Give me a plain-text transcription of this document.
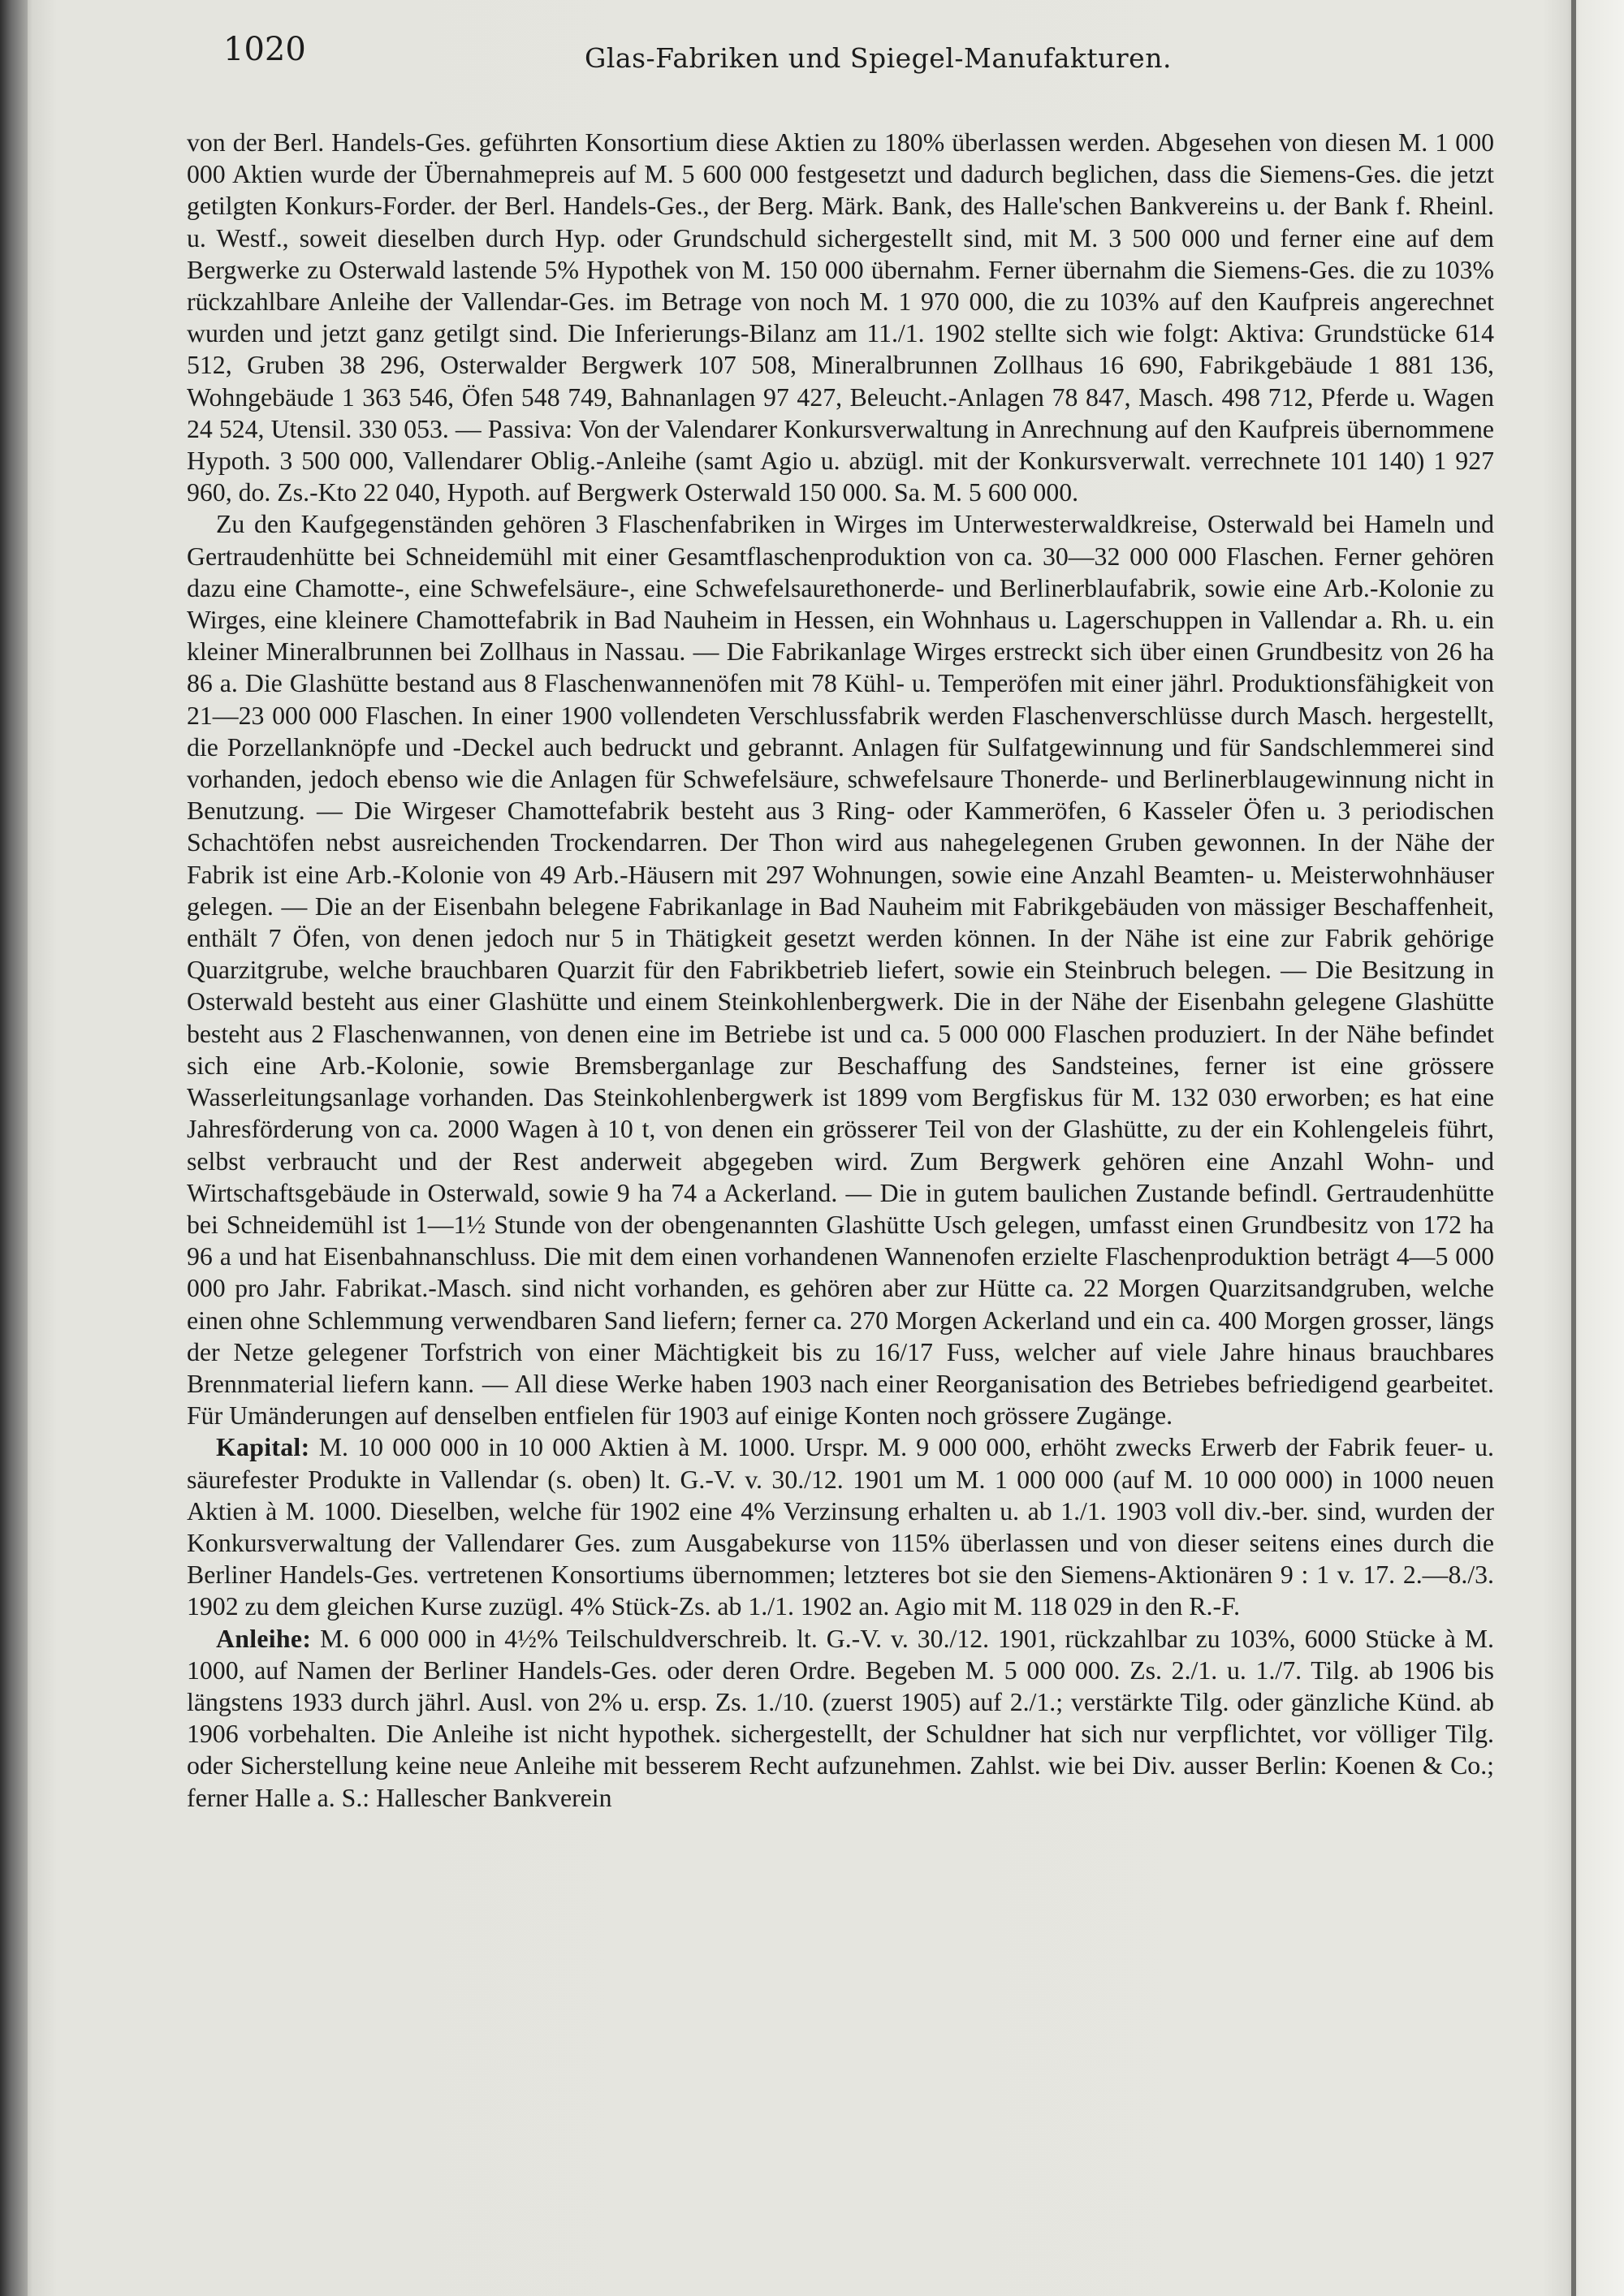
1020	Glas-Fabriken und Spiegel-Manufakturen.

von der Berl. Handels-Ges. geführten Konsortium diese Aktien zu 180% überlassen werden. Abgesehen von diesen M. 1 000 000 Aktien wurde der Übernahmepreis auf M. 5 600 000 festgesetzt und dadurch beglichen, dass die Siemens-Ges. die jetzt getilgten Konkurs-Forder. der Berl. Handels-Ges., der Berg. Märk. Bank, des Halle'schen Bankvereins u. der Bank f. Rheinl. u. Westf., soweit dieselben durch Hyp. oder Grundschuld sichergestellt sind, mit M. 3 500 000 und ferner eine auf dem Bergwerke zu Osterwald lastende 5% Hypothek von M. 150 000 übernahm. Ferner übernahm die Siemens-Ges. die zu 103% rückzahlbare Anleihe der Vallendar-Ges. im Betrage von noch M. 1 970 000, die zu 103% auf den Kaufpreis angerechnet wurden und jetzt ganz getilgt sind. Die Inferierungs-Bilanz am 11./1. 1902 stellte sich wie folgt: Aktiva: Grundstücke 614 512, Gruben 38 296, Osterwalder Bergwerk 107 508, Mineralbrunnen Zollhaus 16 690, Fabrikgebäude 1 881 136, Wohngebäude 1 363 546, Öfen 548 749, Bahnanlagen 97 427, Beleucht.-Anlagen 78 847, Masch. 498 712, Pferde u. Wagen 24 524, Utensil. 330 053. — Passiva: Von der Valendarer Konkursverwaltung in Anrechnung auf den Kaufpreis übernommene Hypoth. 3 500 000, Vallendarer Oblig.-Anleihe (samt Agio u. abzügl. mit der Konkursverwalt. verrechnete 101 140) 1 927 960, do. Zs.-Kto 22 040, Hypoth. auf Bergwerk Osterwald 150 000. Sa. M. 5 600 000.

Zu den Kaufgegenständen gehören 3 Flaschenfabriken in Wirges im Unterwesterwaldkreise, Osterwald bei Hameln und Gertraudenhütte bei Schneidemühl mit einer Gesamtflaschenproduktion von ca. 30—32 000 000 Flaschen. Ferner gehören dazu eine Chamotte-, eine Schwefelsäure-, eine Schwefelsaurethonerde- und Berlinerblaufabrik, sowie eine Arb.-Kolonie zu Wirges, eine kleinere Chamottefabrik in Bad Nauheim in Hessen, ein Wohnhaus u. Lagerschuppen in Vallendar a. Rh. u. ein kleiner Mineralbrunnen bei Zollhaus in Nassau. — Die Fabrikanlage Wirges erstreckt sich über einen Grundbesitz von 26 ha 86 a. Die Glashütte bestand aus 8 Flaschenwannenöfen mit 78 Kühl- u. Temperöfen mit einer jährl. Produktionsfähigkeit von 21—23 000 000 Flaschen. In einer 1900 vollendeten Verschlussfabrik werden Flaschenverschlüsse durch Masch. hergestellt, die Porzellanknöpfe und -Deckel auch bedruckt und gebrannt. Anlagen für Sulfatgewinnung und für Sandschlemmerei sind vorhanden, jedoch ebenso wie die Anlagen für Schwefelsäure, schwefelsaure Thonerde- und Berlinerblaugewinnung nicht in Benutzung. — Die Wirgeser Chamottefabrik besteht aus 3 Ring- oder Kammeröfen, 6 Kasseler Öfen u. 3 periodischen Schachtöfen nebst ausreichenden Trockendarren. Der Thon wird aus nahegelegenen Gruben gewonnen. In der Nähe der Fabrik ist eine Arb.-Kolonie von 49 Arb.-Häusern mit 297 Wohnungen, sowie eine Anzahl Beamten- u. Meisterwohnhäuser gelegen. — Die an der Eisenbahn belegene Fabrikanlage in Bad Nauheim mit Fabrikgebäuden von mässiger Beschaffenheit, enthält 7 Öfen, von denen jedoch nur 5 in Thätigkeit gesetzt werden können. In der Nähe ist eine zur Fabrik gehörige Quarzitgrube, welche brauchbaren Quarzit für den Fabrikbetrieb liefert, sowie ein Steinbruch belegen. — Die Besitzung in Osterwald besteht aus einer Glashütte und einem Steinkohlenbergwerk. Die in der Nähe der Eisenbahn gelegene Glashütte besteht aus 2 Flaschenwannen, von denen eine im Betriebe ist und ca. 5 000 000 Flaschen produziert. In der Nähe befindet sich eine Arb.-Kolonie, sowie Bremsberganlage zur Beschaffung des Sandsteines, ferner ist eine grössere Wasserleitungsanlage vorhanden. Das Steinkohlenbergwerk ist 1899 vom Bergfiskus für M. 132 030 erworben; es hat eine Jahresförderung von ca. 2000 Wagen à 10 t, von denen ein grösserer Teil von der Glashütte, zu der ein Kohlengeleis führt, selbst verbraucht und der Rest anderweit abgegeben wird. Zum Bergwerk gehören eine Anzahl Wohn- und Wirtschaftsgebäude in Osterwald, sowie 9 ha 74 a Ackerland. — Die in gutem baulichen Zustande befindl. Gertraudenhütte bei Schneidemühl ist 1—1½ Stunde von der obengenannten Glashütte Usch gelegen, umfasst einen Grundbesitz von 172 ha 96 a und hat Eisenbahnanschluss. Die mit dem einen vorhandenen Wannenofen erzielte Flaschenproduktion beträgt 4—5 000 000 pro Jahr. Fabrikat.-Masch. sind nicht vorhanden, es gehören aber zur Hütte ca. 22 Morgen Quarzitsandgruben, welche einen ohne Schlemmung verwendbaren Sand liefern; ferner ca. 270 Morgen Ackerland und ein ca. 400 Morgen grosser, längs der Netze gelegener Torfstrich von einer Mächtigkeit bis zu 16/17 Fuss, welcher auf viele Jahre hinaus brauchbares Brennmaterial liefern kann. — All diese Werke haben 1903 nach einer Reorganisation des Betriebes befriedigend gearbeitet. Für Umänderungen auf denselben entfielen für 1903 auf einige Konten noch grössere Zugänge.

Kapital: M. 10 000 000 in 10 000 Aktien à M. 1000. Urspr. M. 9 000 000, erhöht zwecks Erwerb der Fabrik feuer- u. säurefester Produkte in Vallendar (s. oben) lt. G.-V. v. 30./12. 1901 um M. 1 000 000 (auf M. 10 000 000) in 1000 neuen Aktien à M. 1000. Dieselben, welche für 1902 eine 4% Verzinsung erhalten u. ab 1./1. 1903 voll div.-ber. sind, wurden der Konkursverwaltung der Vallendarer Ges. zum Ausgabekurse von 115% überlassen und von dieser seitens eines durch die Berliner Handels-Ges. vertretenen Konsortiums übernommen; letzteres bot sie den Siemens-Aktionären 9 : 1 v. 17. 2.—8./3. 1902 zu dem gleichen Kurse zuzügl. 4% Stück-Zs. ab 1./1. 1902 an. Agio mit M. 118 029 in den R.-F.

Anleihe: M. 6 000 000 in 4½% Teilschuldverschreib. lt. G.-V. v. 30./12. 1901, rückzahlbar zu 103%, 6000 Stücke à M. 1000, auf Namen der Berliner Handels-Ges. oder deren Ordre. Begeben M. 5 000 000. Zs. 2./1. u. 1./7. Tilg. ab 1906 bis längstens 1933 durch jährl. Ausl. von 2% u. ersp. Zs. 1./10. (zuerst 1905) auf 2./1.; verstärkte Tilg. oder gänzliche Künd. ab 1906 vorbehalten. Die Anleihe ist nicht hypothek. sichergestellt, der Schuldner hat sich nur verpflichtet, vor völliger Tilg. oder Sicherstellung keine neue Anleihe mit besserem Recht aufzunehmen. Zahlst. wie bei Div. ausser Berlin: Koenen & Co.; ferner Halle a. S.: Hallescher Bankverein
